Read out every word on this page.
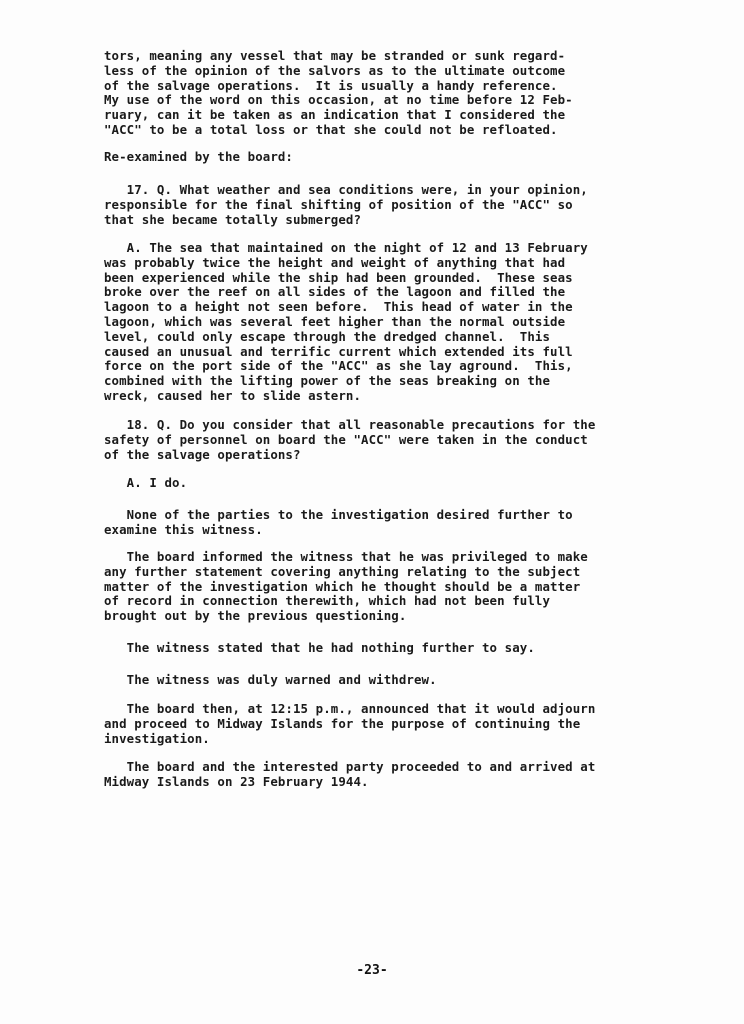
tors, meaning any vessel that may be stranded or sunk regard-
less of the opinion of the salvors as to the ultimate outcome
of the salvage operations.  It is usually a handy reference.
My use of the word on this occasion, at no time before 12 Feb-
ruary, can it be taken as an indication that I considered the
"ACC" to be a total loss or that she could not be refloated.
Re-examined by the board:
17. Q. What weather and sea conditions were, in your opinion,
responsible for the final shifting of position of the "ACC" so
that she became totally submerged?
A. The sea that maintained on the night of 12 and 13 February
was probably twice the height and weight of anything that had
been experienced while the ship had been grounded.  These seas
broke over the reef on all sides of the lagoon and filled the
lagoon to a height not seen before.  This head of water in the
lagoon, which was several feet higher than the normal outside
level, could only escape through the dredged channel.  This
caused an unusual and terrific current which extended its full
force on the port side of the "ACC" as she lay aground.  This,
combined with the lifting power of the seas breaking on the
wreck, caused her to slide astern.
18. Q. Do you consider that all reasonable precautions for the
safety of personnel on board the "ACC" were taken in the conduct
of the salvage operations?
A. I do.
None of the parties to the investigation desired further to
examine this witness.
The board informed the witness that he was privileged to make
any further statement covering anything relating to the subject
matter of the investigation which he thought should be a matter
of record in connection therewith, which had not been fully
brought out by the previous questioning.
The witness stated that he had nothing further to say.
The witness was duly warned and withdrew.
The board then, at 12:15 p.m., announced that it would adjourn
and proceed to Midway Islands for the purpose of continuing the
investigation.
The board and the interested party proceeded to and arrived at
Midway Islands on 23 February 1944.
-23-
